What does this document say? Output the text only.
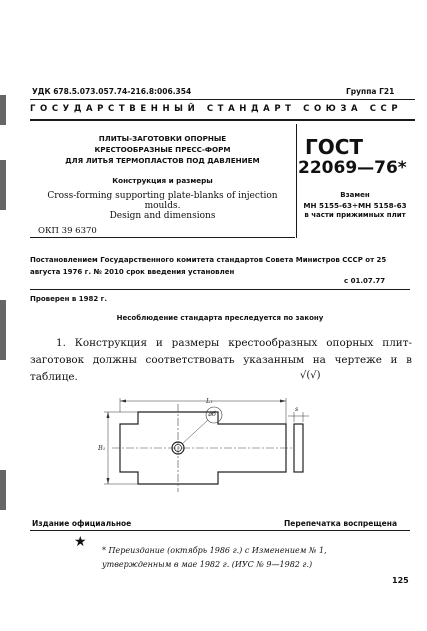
УДК 678.5.073.057.74-216.8:006.354	Группа Г21
ГОСУДАРСТВЕННЫЙ СТАНДАРТ СОЮЗА ССР
ПЛИТЫ-ЗАГОТОВКИ ОПОРНЫЕ
КРЕСТООБРАЗНЫЕ ПРЕСС-ФОРМ
ДЛЯ ЛИТЬЯ ТЕРМОПЛАСТОВ ПОД ДАВЛЕНИЕМ
Конструкция и размеры
Cross-forming supporting plate-blanks of injection
moulds.
Design and dimensions
ОКП 39 6370
ГОСТ
22069—76*
Взамен
МН 5155-63÷МН 5158-63
в части прижимных плит
Постановлением Государственного комитета стандартов Совета Министров СССР от 25 августа 1976 г. № 2010 срок введения установлен
с 01.07.77
Проверен в 1982 г.
Несоблюдение стандарта преследуется по закону
1. Конструкция и размеры крестообразных опорных плит-заготовок должны соответствовать указанным на чертеже и в таблице.	√(√)
L₁
B₁
⌀б
s
Издание официальное	Перепечатка воспрещена
★
* Переиздание (октябрь 1986 г.) с Изменением № 1,
утвержденным в мае 1982 г. (ИУС № 9—1982 г.)
125
